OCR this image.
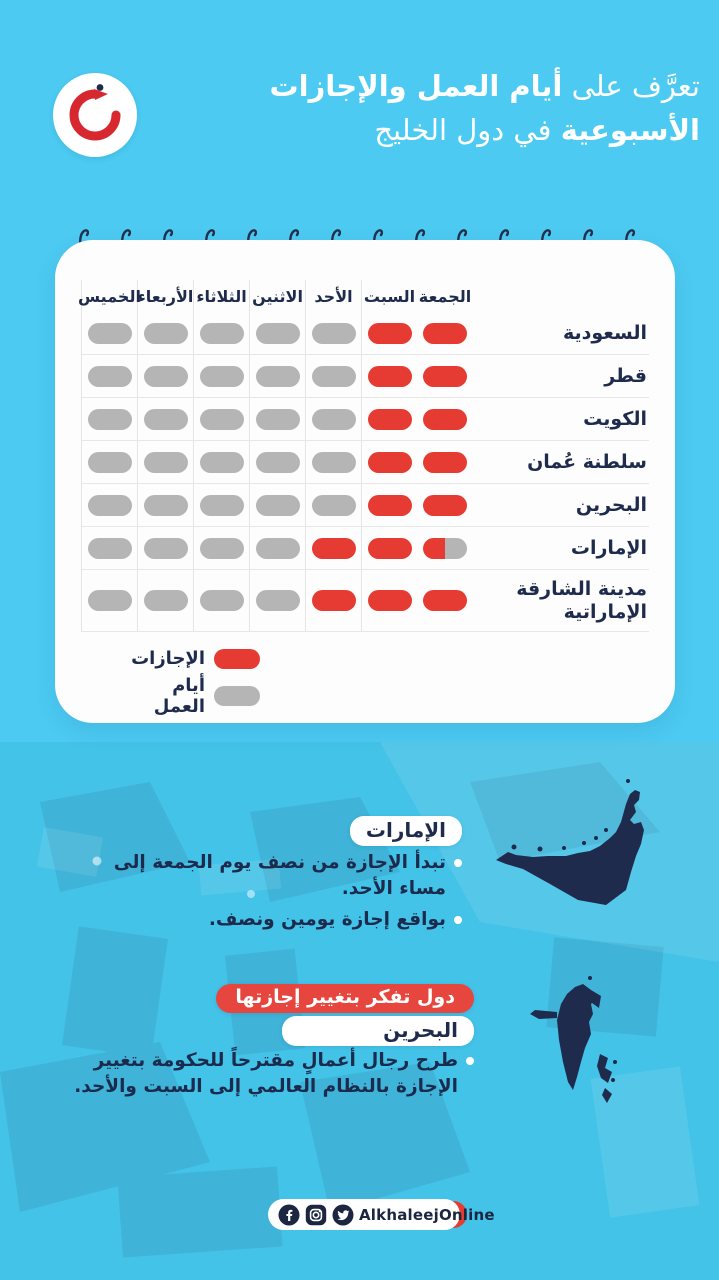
تعرَّف على أيام العمل والإجازات
الأسبوعية في دول الخليج
الجمعة
السبت
الأحد
الاثنين
الثلاثاء
الأربعاء
الخميس
السعودية
قطر
الكويت
سلطنة عُمان
البحرين
الإمارات
مدينة الشارقة الإماراتية
الإجازات
أيام العمل
الإمارات

تبدأ الإجازة من نصف يوم الجمعة إلى مساء الأحد.

بواقع إجازة يومين ونصف.

دول تفكر بتغيير إجازتها
البحرين

طرح رجال أعمالٍ مقترحاً للحكومة بتغيير الإجازة بالنظام العالمي إلى السبت والأحد.

AlkhaleejOnline
